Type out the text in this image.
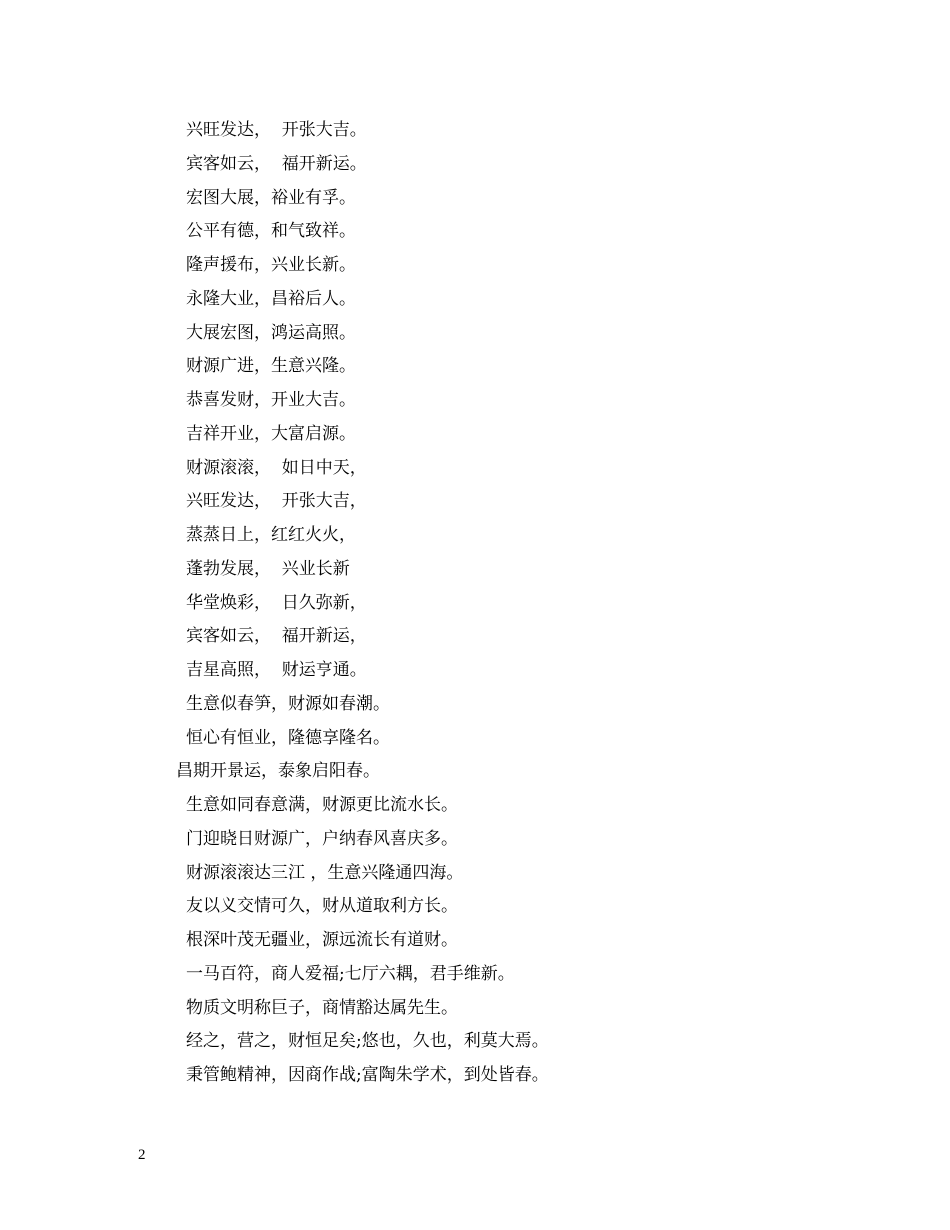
兴旺发达，  开张大吉。
宾客如云，  福开新运。
宏图大展，裕业有孚。
公平有德，和气致祥。
隆声援布，兴业长新。
永隆大业，昌裕后人。
大展宏图，鸿运高照。
财源广进，生意兴隆。
恭喜发财，开业大吉。
吉祥开业，大富启源。
财源滚滚，  如日中天，
兴旺发达，  开张大吉，
蒸蒸日上，红红火火，
蓬勃发展，  兴业长新
华堂焕彩，  日久弥新，
宾客如云，  福开新运，
吉星高照，  财运亨通。
生意似春笋，财源如春潮。
恒心有恒业，隆德享隆名。
昌期开景运，泰象启阳春。
生意如同春意满，财源更比流水长。
门迎晓日财源广，户纳春风喜庆多。
财源滚滚达三江 ，生意兴隆通四海。
友以义交情可久，财从道取利方长。
根深叶茂无疆业，源远流长有道财。
一马百符，商人爱福;七厅六耦，君手维新。
物质文明称巨子，商情豁达属先生。
经之，营之，财恒足矣;悠也，久也，利莫大焉。
秉管鲍精神，因商作战;富陶朱学术，到处皆春。
2
